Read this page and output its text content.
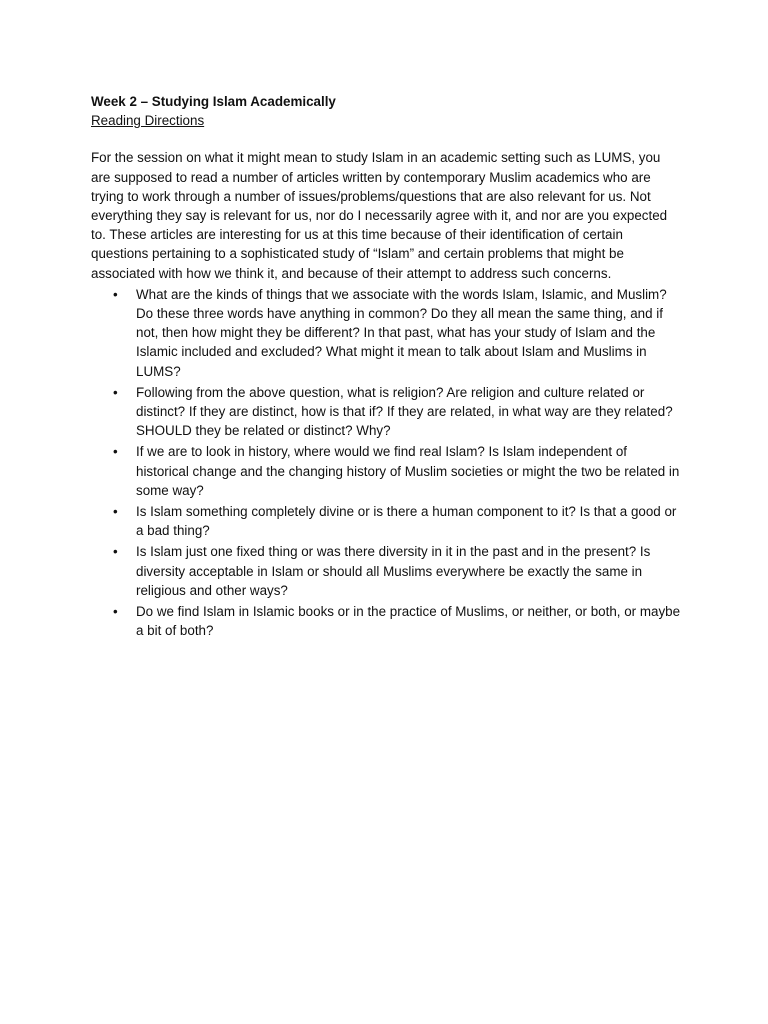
Week 2 – Studying Islam Academically

Reading Directions

For the session on what it might mean to study Islam in an academic setting such as LUMS, you are supposed to read a number of articles written by contemporary Muslim academics who are trying to work through a number of issues/problems/questions that are also relevant for us. Not everything they say is relevant for us, nor do I necessarily agree with it, and nor are you expected to. These articles are interesting for us at this time because of their identification of certain questions pertaining to a sophisticated study of “Islam” and certain problems that might be associated with how we think it, and because of their attempt to address such concerns.

• What are the kinds of things that we associate with the words Islam, Islamic, and Muslim? Do these three words have anything in common? Do they all mean the same thing, and if not, then how might they be different? In that past, what has your study of Islam and the Islamic included and excluded? What might it mean to talk about Islam and Muslims in LUMS?
• Following from the above question, what is religion? Are religion and culture related or distinct? If they are distinct, how is that if? If they are related, in what way are they related? SHOULD they be related or distinct? Why?
• If we are to look in history, where would we find real Islam? Is Islam independent of historical change and the changing history of Muslim societies or might the two be related in some way?
• Is Islam something completely divine or is there a human component to it? Is that a good or a bad thing?
• Is Islam just one fixed thing or was there diversity in it in the past and in the present? Is diversity acceptable in Islam or should all Muslims everywhere be exactly the same in religious and other ways?
• Do we find Islam in Islamic books or in the practice of Muslims, or neither, or both, or maybe a bit of both?
